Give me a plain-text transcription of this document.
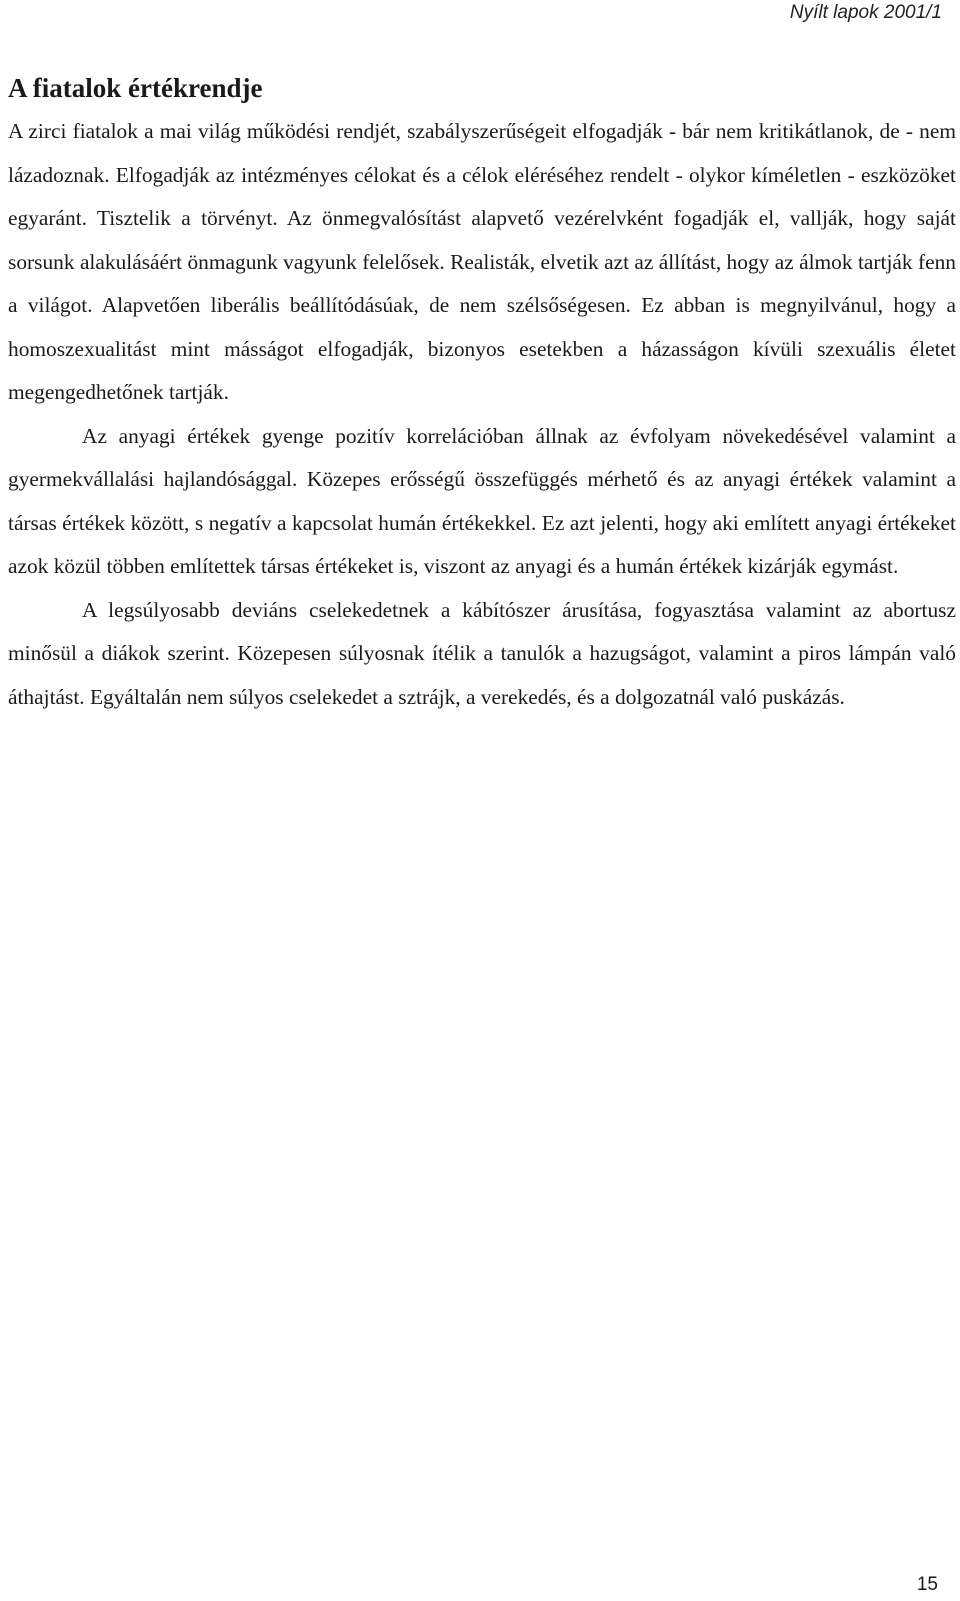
Nyílt lapok 2001/1
A fiatalok értékrendje

A zirci fiatalok a mai világ működési rendjét, szabályszerűségeit elfogadják - bár nem kritikátlanok, de - nem lázadoznak. Elfogadják az intézményes célokat és a célok eléréséhez rendelt - olykor kíméletlen - eszközöket egyaránt. Tisztelik a törvényt. Az önmegvalósítást alapvető vezérelvként fogadják el, vallják, hogy saját sorsunk alakulásáért önmagunk vagyunk felelősek. Realisták, elvetik azt az állítást, hogy az álmok tartják fenn a világot. Alapvetően liberális beállítódásúak, de nem szélsőségesen. Ez abban is megnyilvánul, hogy a homoszexualitást mint másságot elfogadják, bizonyos esetekben a házasságon kívüli szexuális életet megengedhetőnek tartják.

Az anyagi értékek gyenge pozitív korrelációban állnak az évfolyam növekedésével valamint a gyermekvállalási hajlandósággal. Közepes erősségű összefüggés mérhető és az anyagi értékek valamint a társas értékek között, s negatív a kapcsolat humán értékekkel. Ez azt jelenti, hogy aki említett anyagi értékeket azok közül többen említettek társas értékeket is, viszont az anyagi és a humán értékek kizárják egymást.

A legsúlyosabb deviáns cselekedetnek a kábítószer árusítása, fogyasztása valamint az abortusz minősül a diákok szerint. Közepesen súlyosnak ítélik a tanulók a hazugságot, valamint a piros lámpán való áthajtást. Egyáltalán nem súlyos cselekedet a sztrájk, a verekedés, és a dolgozatnál való puskázás.

15
